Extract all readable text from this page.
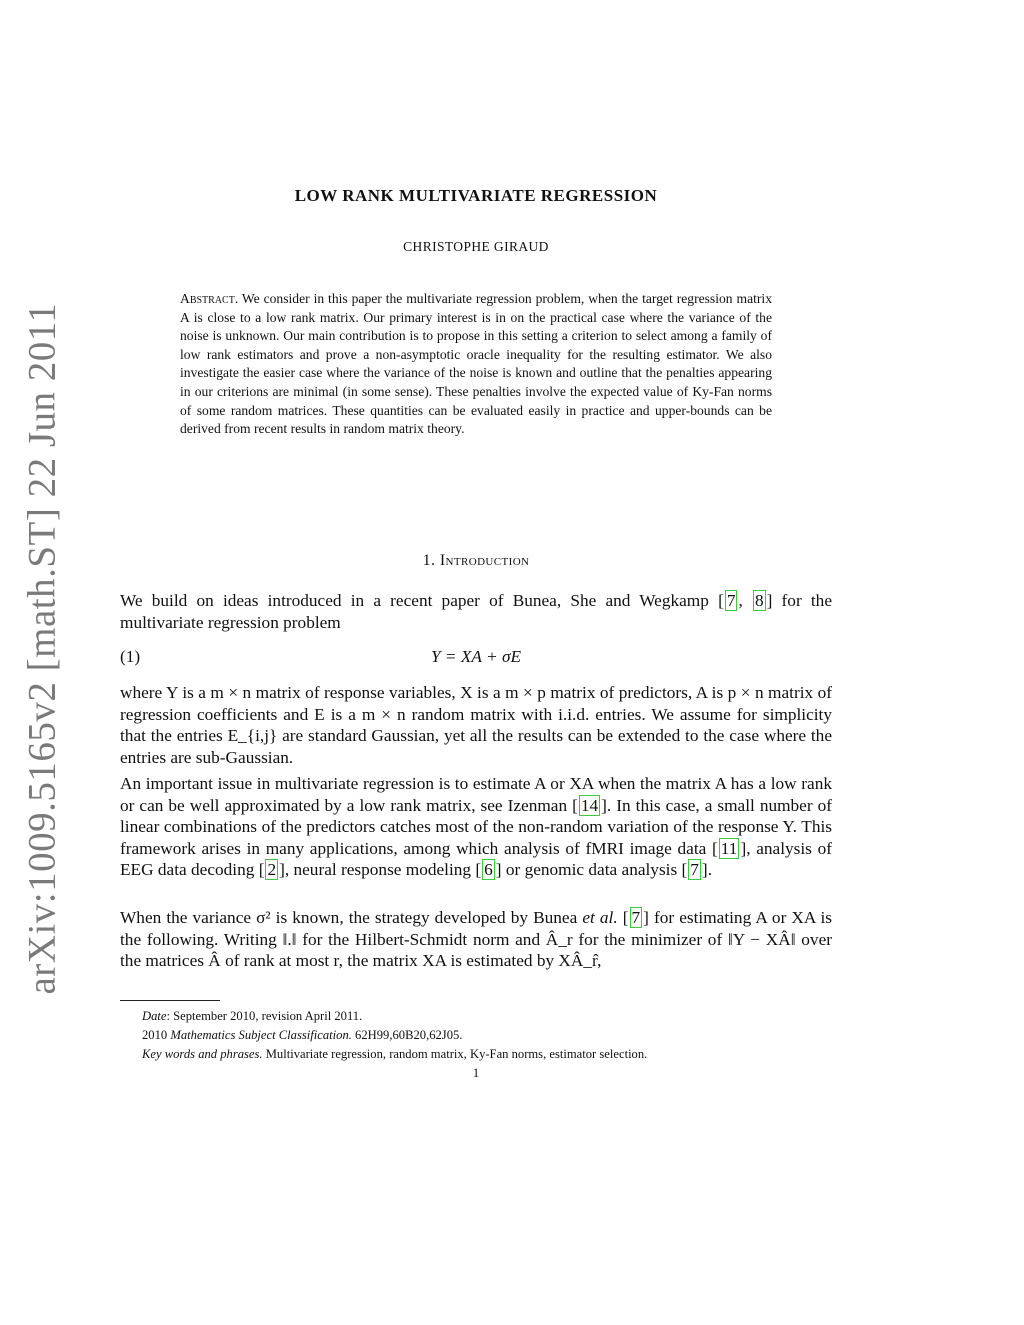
arXiv:1009.5165v2 [math.ST] 22 Jun 2011
LOW RANK MULTIVARIATE REGRESSION
CHRISTOPHE GIRAUD
Abstract. We consider in this paper the multivariate regression problem, when the target regression matrix A is close to a low rank matrix. Our primary interest is in on the practical case where the variance of the noise is unknown. Our main contribution is to propose in this setting a criterion to select among a family of low rank estimators and prove a non-asymptotic oracle inequality for the resulting estimator. We also investigate the easier case where the variance of the noise is known and outline that the penalties appearing in our criterions are minimal (in some sense). These penalties involve the expected value of Ky-Fan norms of some random matrices. These quantities can be evaluated easily in practice and upper-bounds can be derived from recent results in random matrix theory.
1. Introduction
We build on ideas introduced in a recent paper of Bunea, She and Wegkamp [ 7 , 8 ] for the multivariate regression problem
(1)	Y = XA + σE
where Y is a m × n matrix of response variables, X is a m × p matrix of predictors, A is p × n matrix of regression coefficients and E is a m × n random matrix with i.i.d. entries. We assume for simplicity that the entries E_{i,j} are standard Gaussian, yet all the results can be extended to the case where the entries are sub-Gaussian.
An important issue in multivariate regression is to estimate A or XA when the matrix A has a low rank or can be well approximated by a low rank matrix, see Izenman [ 14 ]. In this case, a small number of linear combinations of the predictors catches most of the non-random variation of the response Y. This framework arises in many applications, among which analysis of fMRI image data [ 11 ], analysis of EEG data decoding [ 2 ], neural response modeling [ 6 ] or genomic data analysis [ 7 ].
When the variance σ² is known, the strategy developed by Bunea et al. [ 7 ] for estimating A or XA is the following. Writing ‖.‖ for the Hilbert-Schmidt norm and Â_r for the minimizer of ‖Y − XÂ‖ over the matrices Â of rank at most r, the matrix XA is estimated by XÂ_r̂,
Date: September 2010, revision April 2011.
2010 Mathematics Subject Classification. 62H99,60B20,62J05.
Key words and phrases. Multivariate regression, random matrix, Ky-Fan norms, estimator selection.
1
